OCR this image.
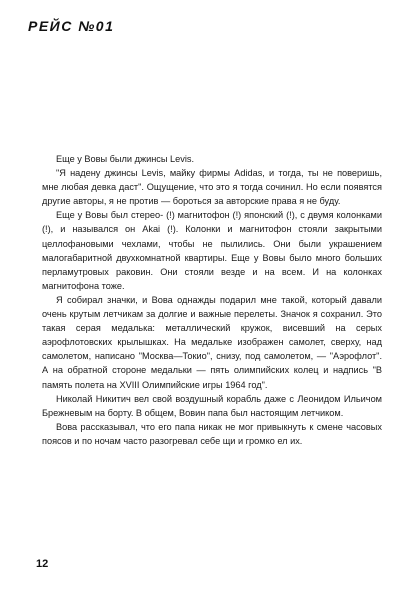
РЕЙС №01

Еще у Вовы были джинсы Levis.

"Я надену джинсы Levis, майку фирмы Adidas, и тогда, ты не поверишь, мне любая девка даст". Ощущение, что это я тогда сочинил. Но если появятся другие авторы, я не против — бороться за авторские права я не буду.

Еще у Вовы был стерео- (!) магнитофон (!) японский (!), с двумя колонками (!), и назывался он Akai (!). Колонки и магнитофон стояли закрытыми целлофановыми чехлами, чтобы не пылились. Они были украшением малогабаритной двухкомнатной квартиры. Еще у Вовы было много больших перламутровых раковин. Они стояли везде и на всем. И на колонках магнитофона тоже.

Я собирал значки, и Вова однажды подарил мне такой, который давали очень крутым летчикам за долгие и важные перелеты. Значок я сохранил. Это такая серая медалька: металлический кружок, висевший на серых аэрофлотовских крылышках. На медальке изображен самолет, сверху, над самолетом, написано "Москва—Токио", снизу, под самолетом, — "Аэрофлот". А на обратной стороне медальки — пять олимпийских колец и надпись "В память полета на XVIII Олимпийские игры 1964 год".

Николай Никитич вел свой воздушный корабль даже с Леонидом Ильичом Брежневым на борту. В общем, Вовин папа был настоящим летчиком.

Вова рассказывал, что его папа никак не мог привыкнуть к смене часовых поясов и по ночам часто разогревал себе щи и громко ел их.

12
